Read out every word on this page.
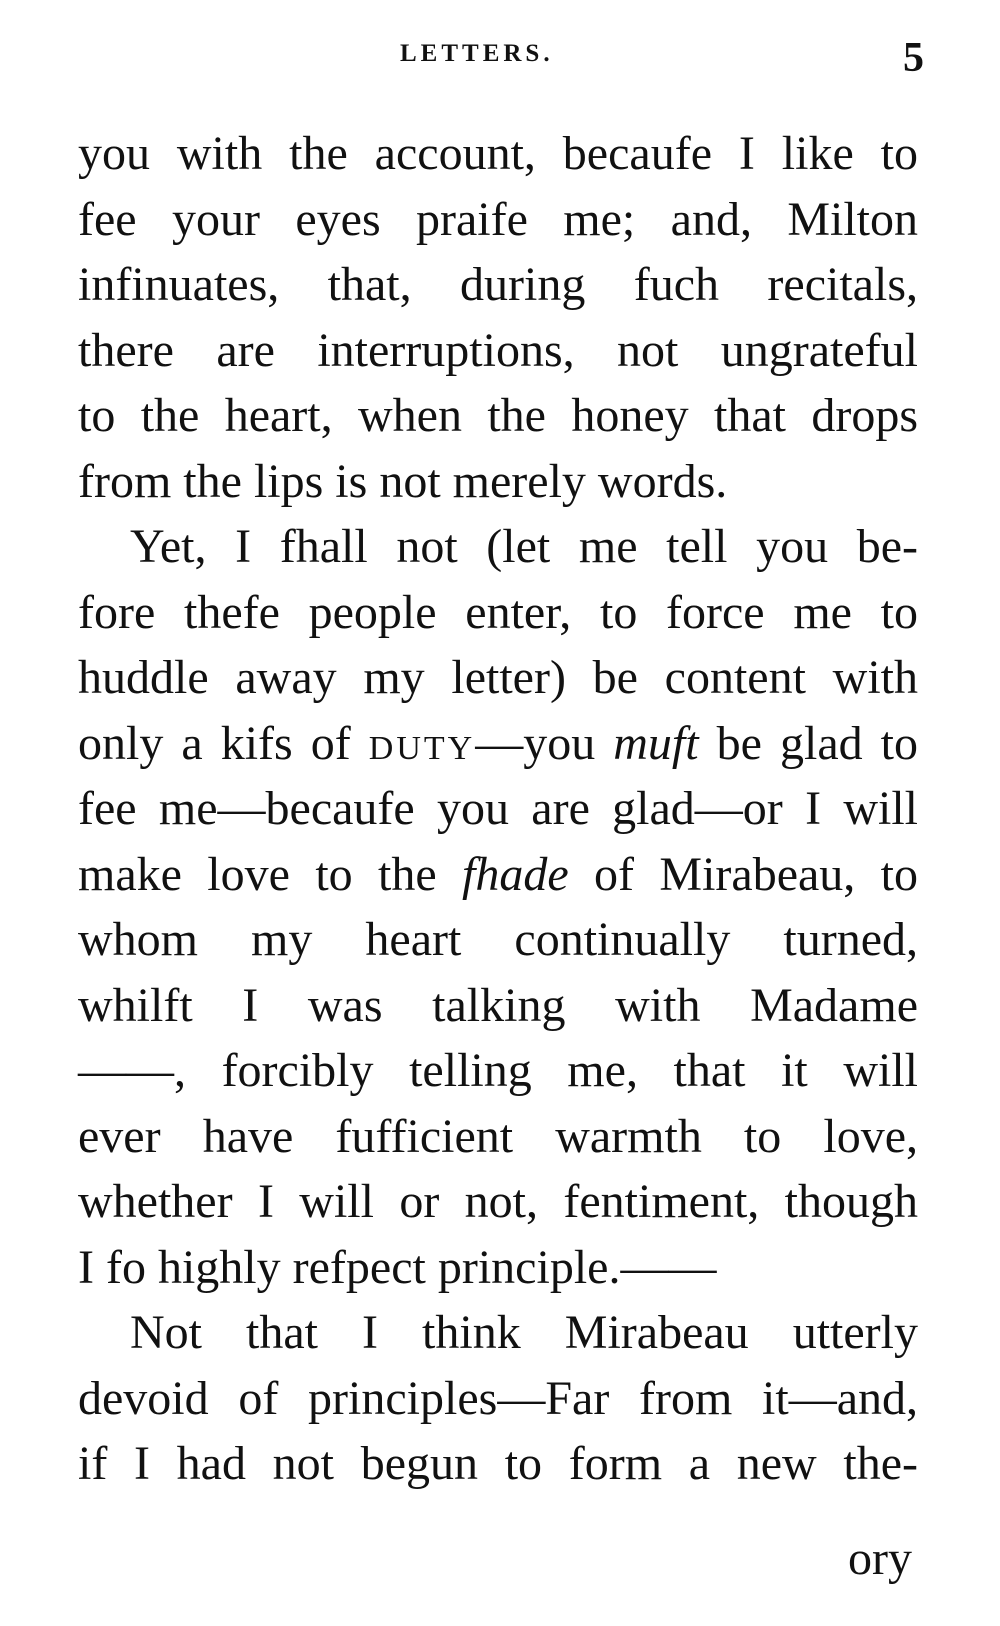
LETTERS.	5
you with the account, becaufe I like to
fee your eyes praife me; and, Milton
infinuates, that, during fuch recitals,
there are interruptions, not ungrateful
to the heart, when the honey that drops
from the lips is not merely words.
Yet, I fhall not (let me tell you be-
fore thefe people enter, to force me to
huddle away my letter) be content with
only a kifs of duty—you muft be glad to
fee me—becaufe you are glad—or I will
make love to the fhade of Mirabeau, to
whom my heart continually turned,
whilft I was talking with Madame
——, forcibly telling me, that it will
ever have fufficient warmth to love,
whether I will or not, fentiment, though
I fo highly refpect principle.——
Not that I think Mirabeau utterly
devoid of principles—Far from it—and,
if I had not begun to form a new the-
ory
